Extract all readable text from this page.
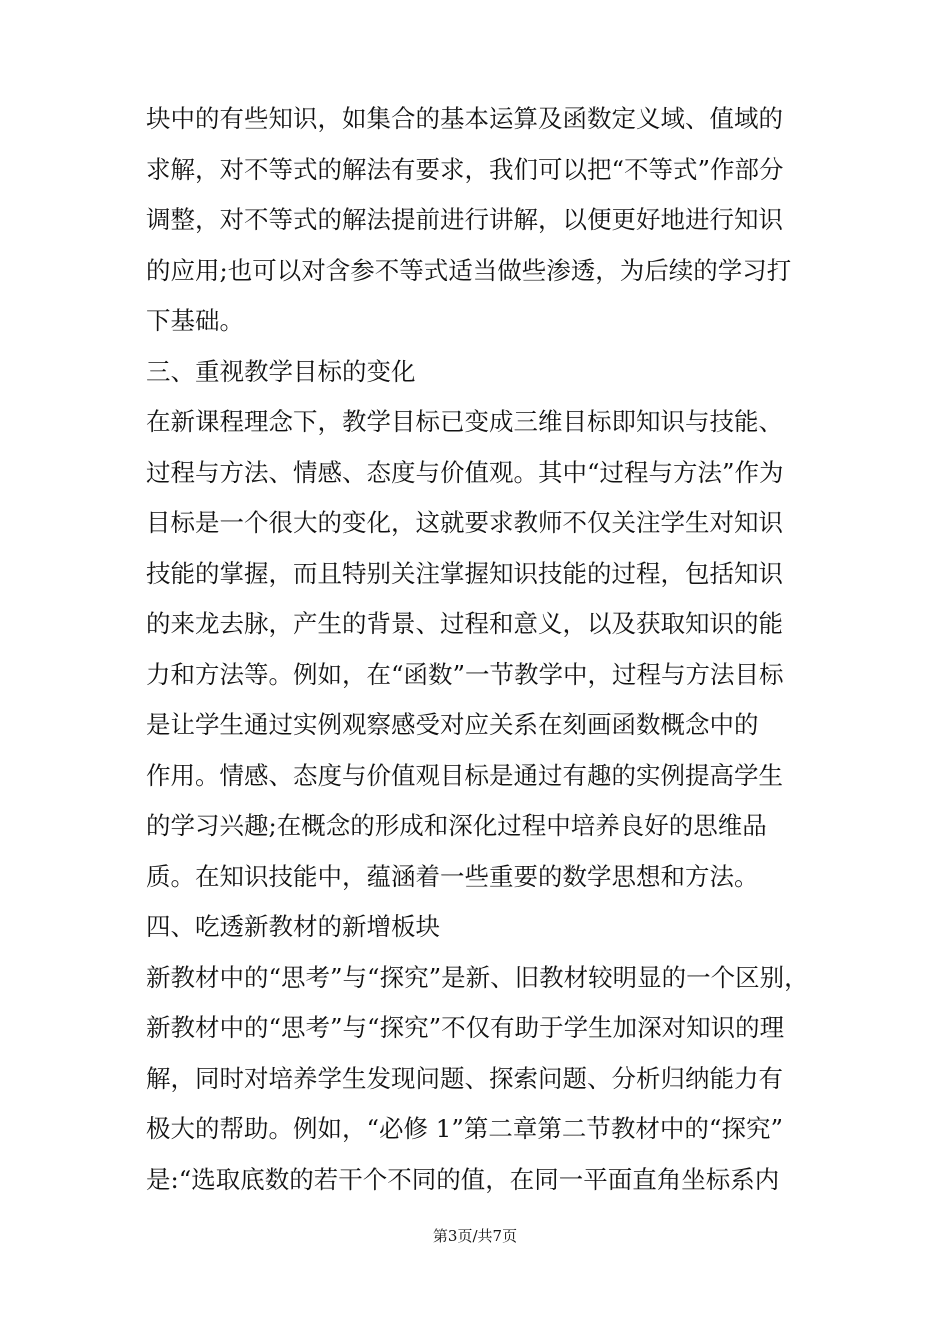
块中的有些知识，如集合的基本运算及函数定义域、值域的
求解，对不等式的解法有要求，我们可以把“不等式”作部分
调整，对不等式的解法提前进行讲解，以便更好地进行知识
的应用;也可以对含参不等式适当做些渗透，为后续的学习打
下基础。
三、重视教学目标的变化
在新课程理念下，教学目标已变成三维目标即知识与技能、
过程与方法、情感、态度与价值观。其中“过程与方法”作为
目标是一个很大的变化，这就要求教师不仅关注学生对知识
技能的掌握，而且特别关注掌握知识技能的过程，包括知识
的来龙去脉，产生的背景、过程和意义，以及获取知识的能
力和方法等。例如，在“函数”一节教学中，过程与方法目标
是让学生通过实例观察感受对应关系在刻画函数概念中的
作用。情感、态度与价值观目标是通过有趣的实例提高学生
的学习兴趣;在概念的形成和深化过程中培养良好的思维品
质。在知识技能中，蕴涵着一些重要的数学思想和方法。
四、吃透新教材的新增板块
新教材中的“思考”与“探究”是新、旧教材较明显的一个区别，
新教材中的“思考”与“探究”不仅有助于学生加深对知识的理
解，同时对培养学生发现问题、探索问题、分析归纳能力有
极大的帮助。例如，“必修 1”第二章第二节教材中的“探究”
是:“选取底数的若干个不同的值，在同一平面直角坐标系内
第3页/共7页
